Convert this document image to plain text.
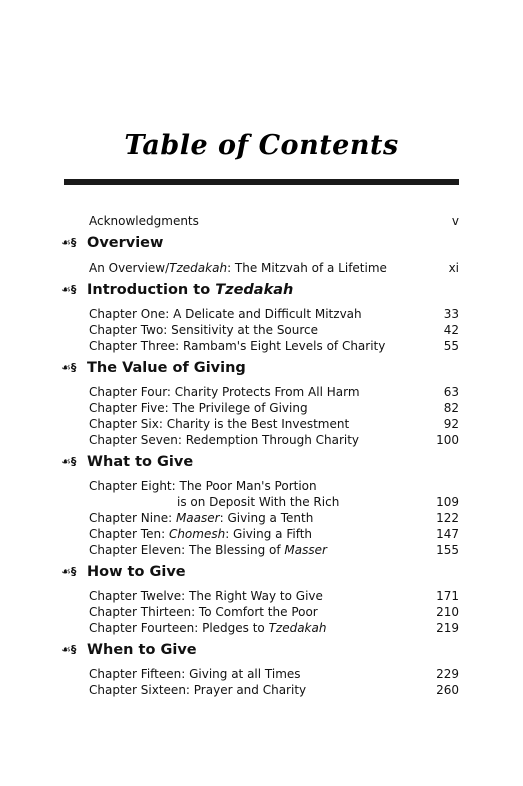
Table of Contents
Acknowledgments	v
☙§ Overview
An Overview/Tzedakah: The Mitzvah of a Lifetime	xi
☙§ Introduction to Tzedakah
Chapter One: A Delicate and Difficult Mitzvah	33
Chapter Two: Sensitivity at the Source	42
Chapter Three: Rambam's Eight Levels of Charity	55
☙§ The Value of Giving
Chapter Four: Charity Protects From All Harm	63
Chapter Five: The Privilege of Giving	82
Chapter Six: Charity is the Best Investment	92
Chapter Seven: Redemption Through Charity	100
☙§ What to Give
Chapter Eight: The Poor Man's Portion
is on Deposit With the Rich	109
Chapter Nine: Maaser: Giving a Tenth	122
Chapter Ten: Chomesh: Giving a Fifth	147
Chapter Eleven: The Blessing of Masser	155
☙§ How to Give
Chapter Twelve: The Right Way to Give	171
Chapter Thirteen: To Comfort the Poor	210
Chapter Fourteen: Pledges to Tzedakah	219
☙§ When to Give
Chapter Fifteen: Giving at all Times	229
Chapter Sixteen: Prayer and Charity	260
